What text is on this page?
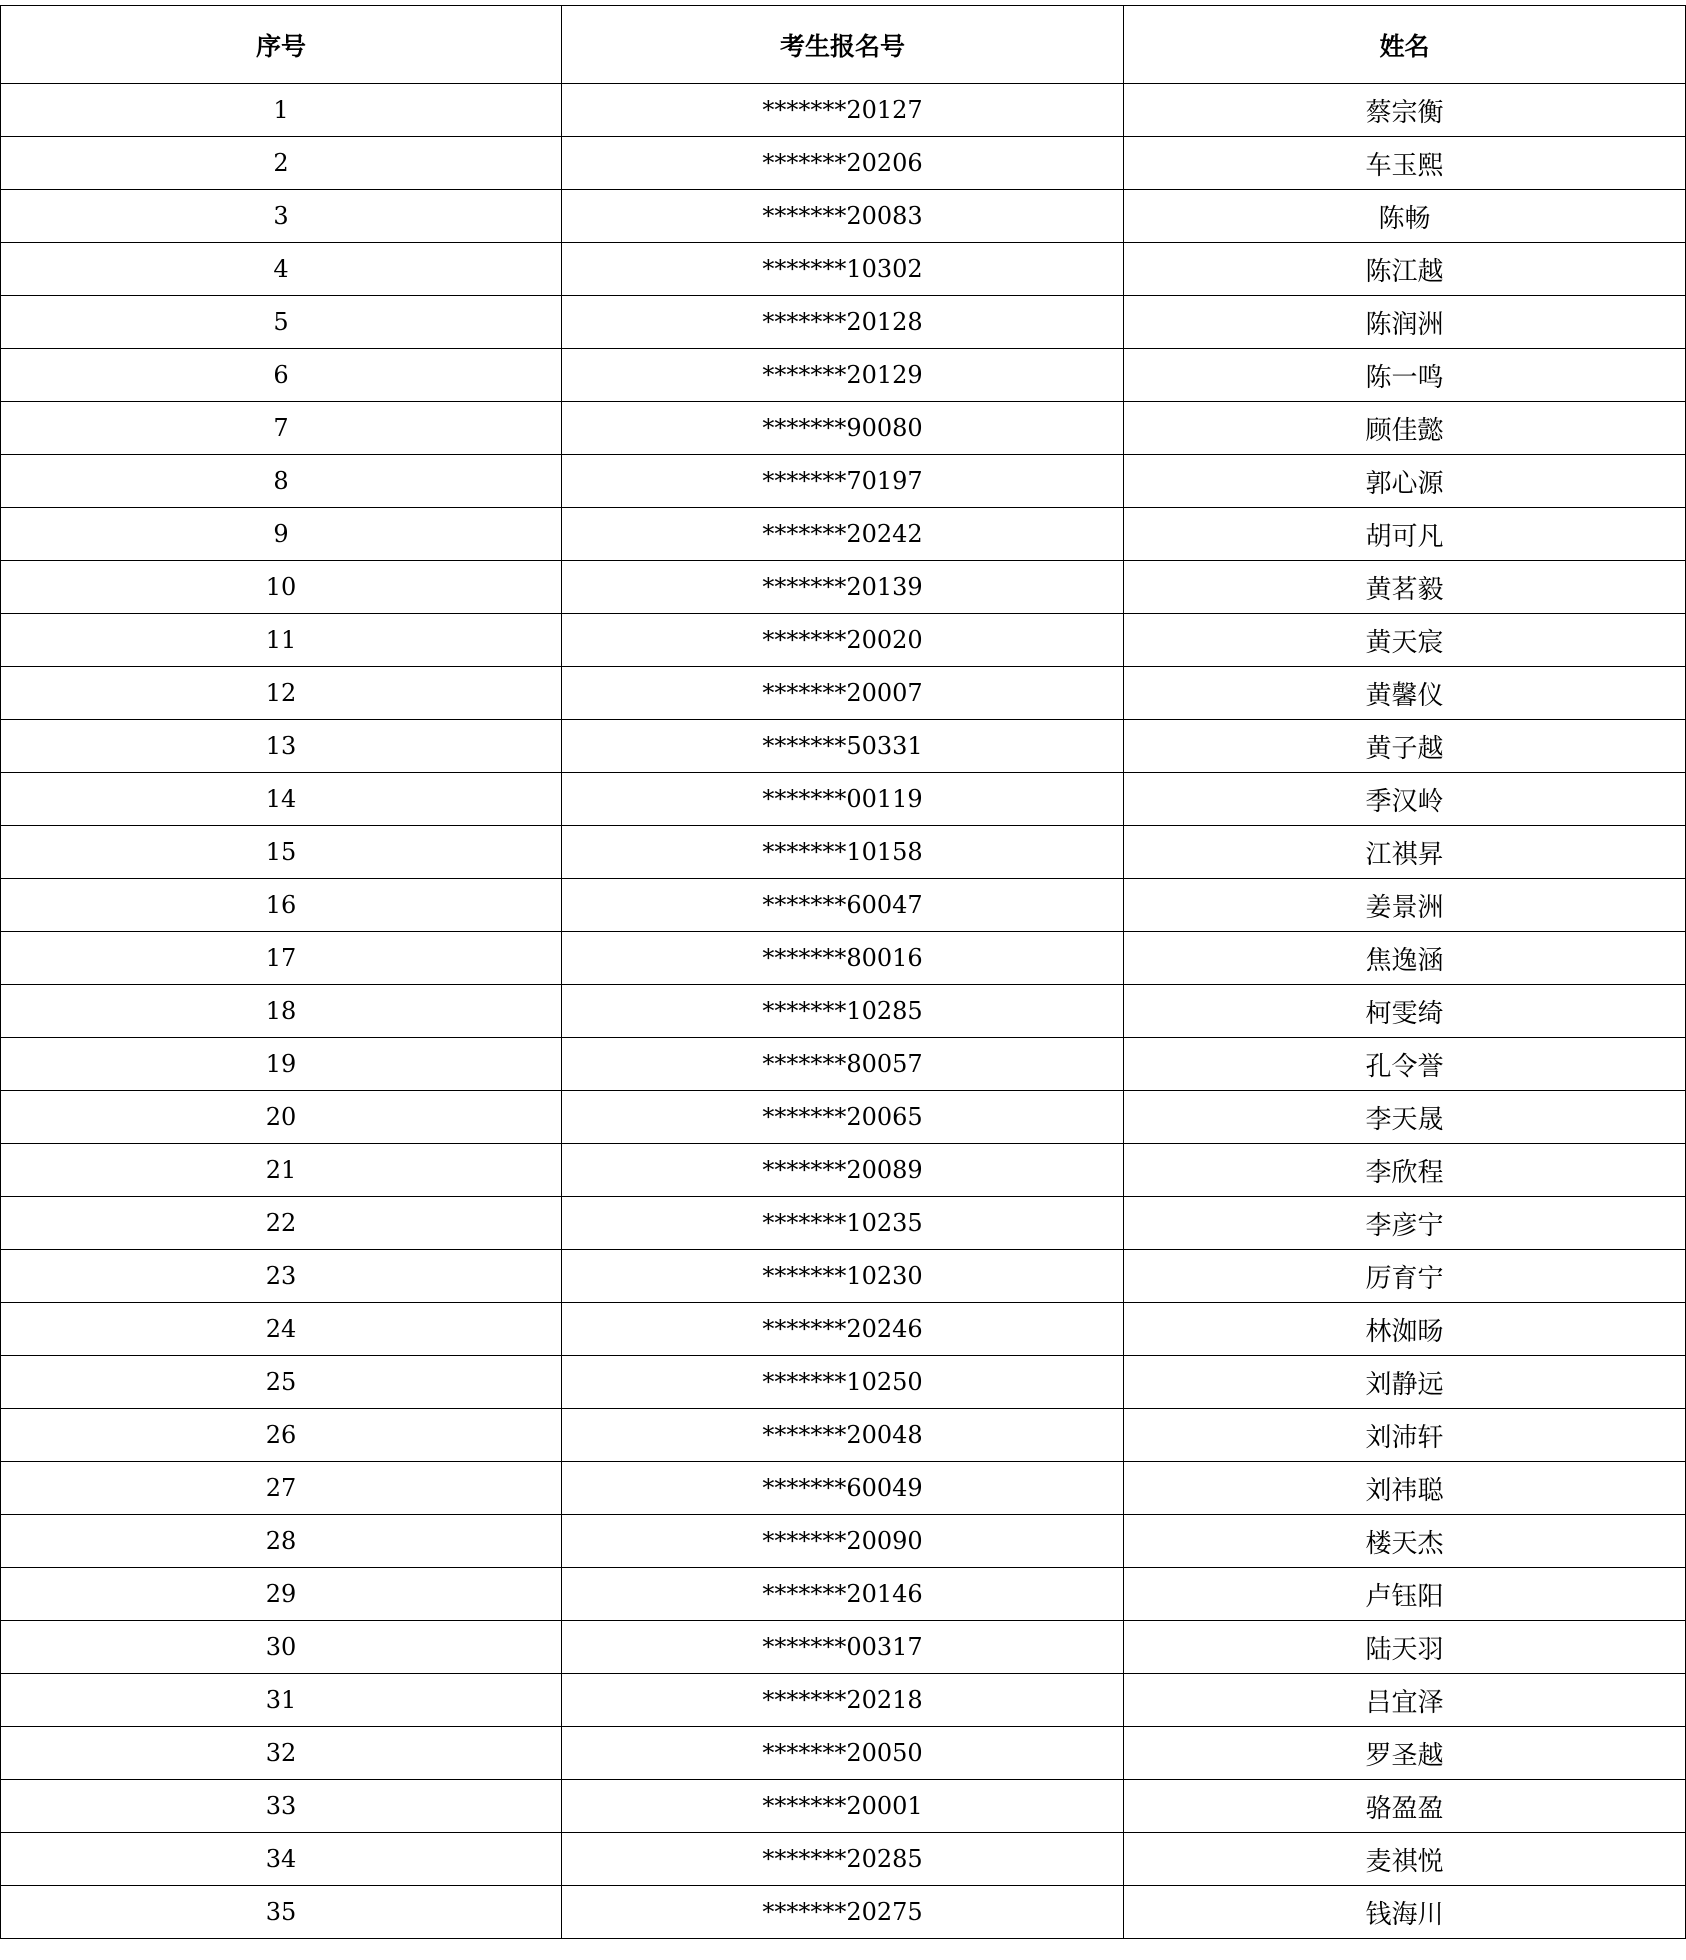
序号	考生报名号	姓名
1	*******20127	蔡宗衡
2	*******20206	车玉熙
3	*******20083	陈畅
4	*******10302	陈江越
5	*******20128	陈润洲
6	*******20129	陈一鸣
7	*******90080	顾佳懿
8	*******70197	郭心源
9	*******20242	胡可凡
10	*******20139	黄茗毅
11	*******20020	黄天宸
12	*******20007	黄馨仪
13	*******50331	黄子越
14	*******00119	季汉岭
15	*******10158	江祺昇
16	*******60047	姜景洲
17	*******80016	焦逸涵
18	*******10285	柯雯绮
19	*******80057	孔令誉
20	*******20065	李天晟
21	*******20089	李欣程
22	*******10235	李彦宁
23	*******10230	厉育宁
24	*******20246	林洳旸
25	*******10250	刘静远
26	*******20048	刘沛轩
27	*******60049	刘祎聪
28	*******20090	楼天杰
29	*******20146	卢钰阳
30	*******00317	陆天羽
31	*******20218	吕宜泽
32	*******20050	罗圣越
33	*******20001	骆盈盈
34	*******20285	麦祺悦
35	*******20275	钱海川
